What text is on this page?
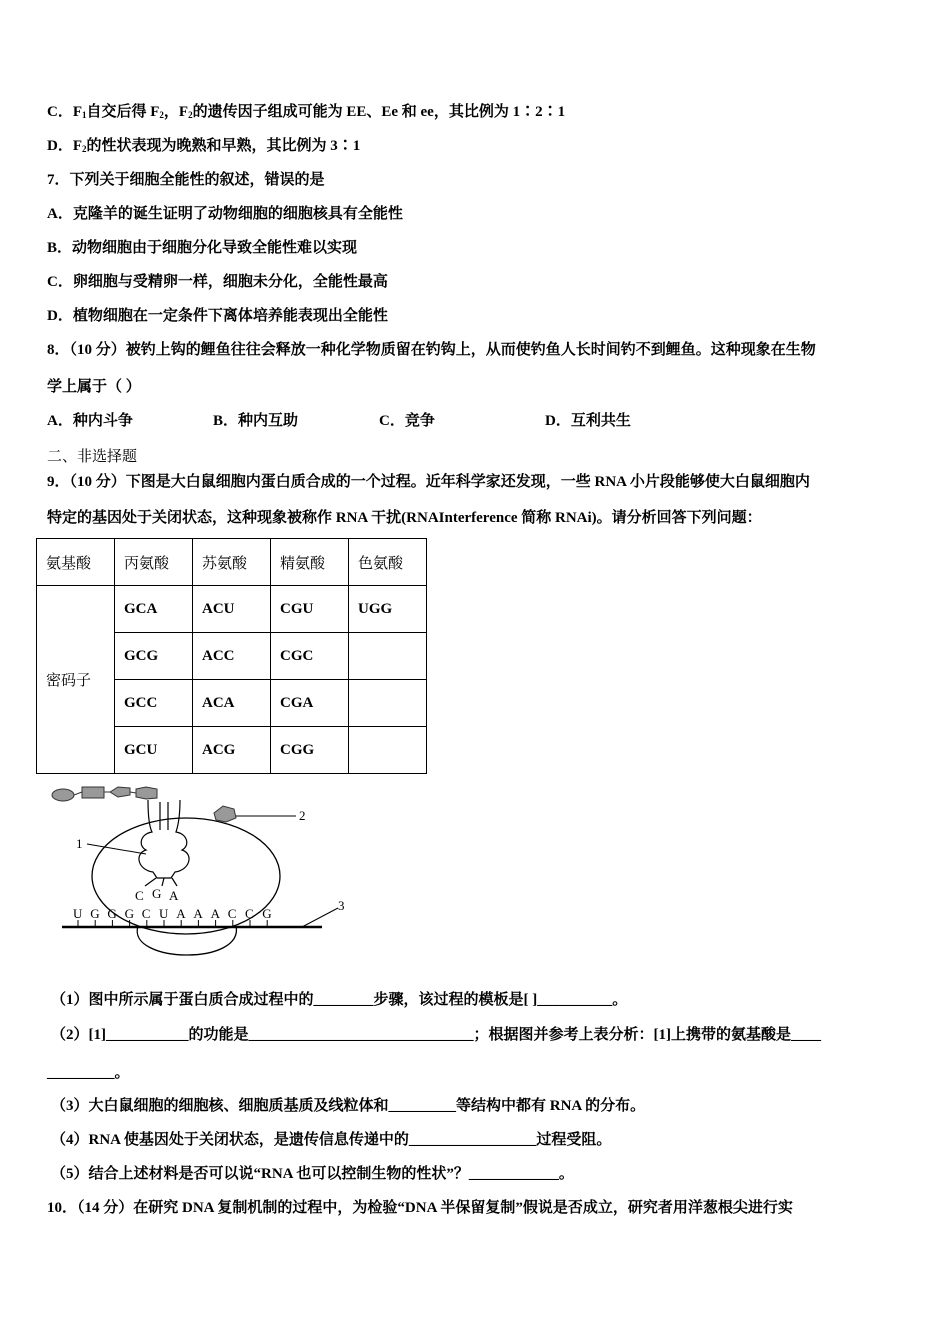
C．$F_1$自交后得 $F_2$，$F_2$的遗传因子组成可能为 EE、Ee 和 ee，其比例为 1∶2∶1
D．$F_2$的性状表现为晚熟和早熟，其比例为 3∶1
7．下列关于细胞全能性的叙述，错误的是
A．克隆羊的诞生证明了动物细胞的细胞核具有全能性
B．动物细胞由于细胞分化导致全能性难以实现
C．卵细胞与受精卵一样，细胞未分化，全能性最高
D．植物细胞在一定条件下离体培养能表现出全能性
8．（10 分）被钓上钩的鲤鱼往往会释放一种化学物质留在钓钩上，从而使钓鱼人长时间钓不到鲤鱼。这种现象在生物
学上属于（ ）
A．种内斗争	B．种内互助	C．竞争	D．互利共生
二、非选择题
9．（10 分）下图是大白鼠细胞内蛋白质合成的一个过程。近年科学家还发现，一些 RNA 小片段能够使大白鼠细胞内
特定的基因处于关闭状态，这种现象被称作 RNA 干扰(RNAInterference 简称 RNAi)。请分析回答下列问题：
氨基酸	丙氨酸	苏氨酸	精氨酸	色氨酸
密码子	GCA	ACU	CGU	UGG
	GCG	ACC	CGC	
	GCC	ACA	CGA	
	GCU	ACG	CGG	
2
1
C G A
U G G G C U A A A C C G
3
（1）图中所示属于蛋白质合成过程中的________步骤，该过程的模板是[ ]__________。
（2）[1]___________的功能是______________________________；根据图并参考上表分析：[1]上携带的氨基酸是____
_________。
（3）大白鼠细胞的细胞核、细胞质基质及线粒体和_________等结构中都有 RNA 的分布。
（4）RNA 使基因处于关闭状态，是遗传信息传递中的_________________过程受阻。
（5）结合上述材料是否可以说“RNA 也可以控制生物的性状”？____________。
10．（14 分）在研究 DNA 复制机制的过程中，为检验“DNA 半保留复制”假说是否成立，研究者用洋葱根尖进行实
